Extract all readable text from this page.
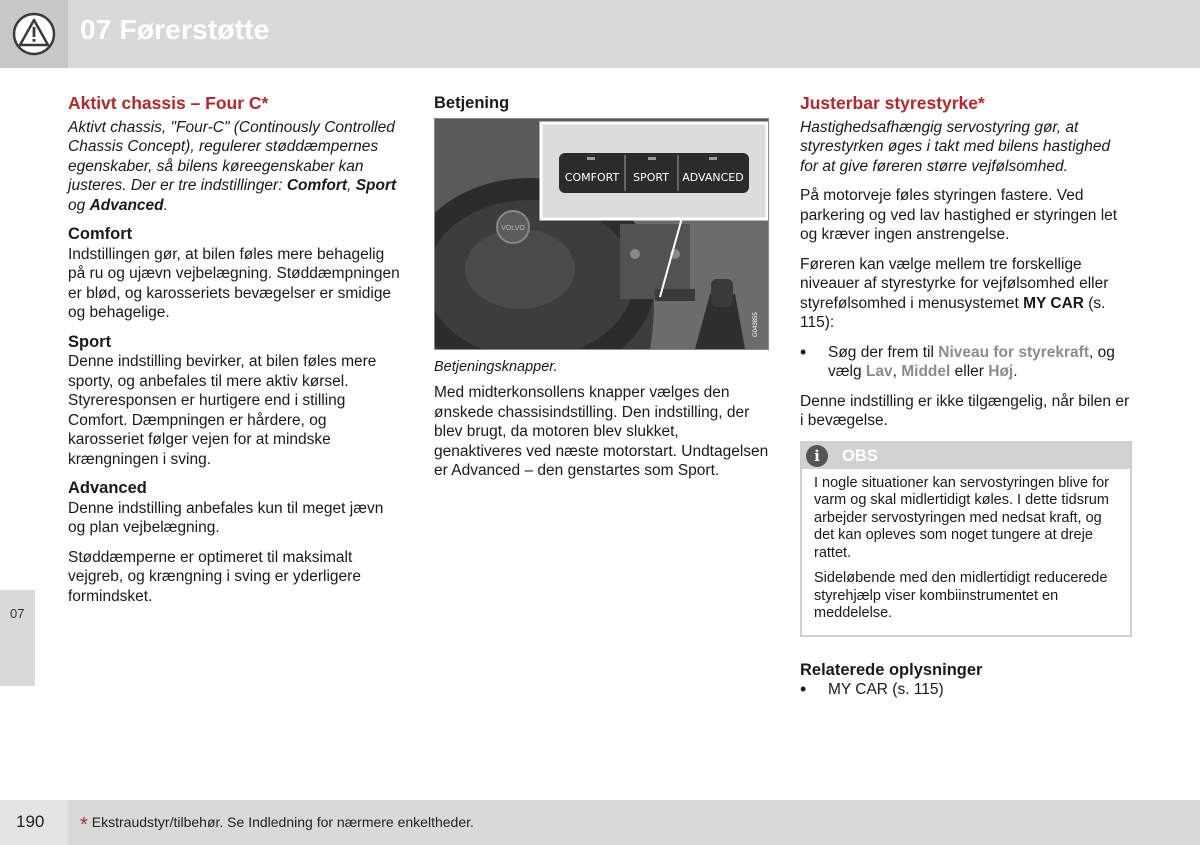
07 Førerstøtte
07
Aktivt chassis – Four C*

Aktivt chassis, "Four-C" (Continously Controlled Chassis Concept), regulerer støddæmpernes egenskaber, så bilens køreegenskaber kan justeres. Der er tre indstillinger: Comfort, Sport og Advanced.

Comfort

Indstillingen gør, at bilen føles mere behagelig på ru og ujævn vejbelægning. Støddæmpningen er blød, og karosseriets bevægelser er smidige og behagelige.

Sport

Denne indstilling bevirker, at bilen føles mere sporty, og anbefales til mere aktiv kørsel. Styreresponsen er hurtigere end i stilling Comfort. Dæmpningen er hårdere, og karosseriet følger vejen for at mindske krængningen i sving.

Advanced

Denne indstilling anbefales kun til meget jævn og plan vejbelægning.

Støddæmperne er optimeret til maksimalt vejgreb, og krængning i sving er yderligere formindsket.

Betjening
VOLVO
COMFORT SPORT ADVANCED
G043855

Betjeningsknapper.

Med midterkonsollens knapper vælges den ønskede chassisindstilling. Den indstilling, der blev brugt, da motoren blev slukket, genaktiveres ved næste motorstart. Undtagelsen er Advanced – den genstartes som Sport.

Justerbar styrestyrke*

Hastighedsafhængig servostyring gør, at styrestyrken øges i takt med bilens hastighed for at give føreren større vejfølsomhed.

På motorveje føles styringen fastere. Ved parkering og ved lav hastighed er styringen let og kræver ingen anstrengelse.

Føreren kan vælge mellem tre forskellige niveauer af styrestyrke for vejfølsomhed eller styrefølsomhed i menusystemet MY CAR (s. 115):

• Søg der frem til Niveau for styrekraft, og vælg Lav, Middel eller Høj.

Denne indstilling er ikke tilgængelig, når bilen er i bevægelse.

i	OBS

I nogle situationer kan servostyringen blive for varm og skal midlertidigt køles. I dette tidsrum arbejder servostyringen med nedsat kraft, og det kan opleves som noget tungere at dreje rattet.

Sideløbende med den midlertidigt reducerede styrehjælp viser kombiinstrumentet en meddelelse.

Relaterede oplysninger
• MY CAR (s. 115)
190 * Ekstraudstyr/tilbehør. Se Indledning for nærmere enkeltheder.
